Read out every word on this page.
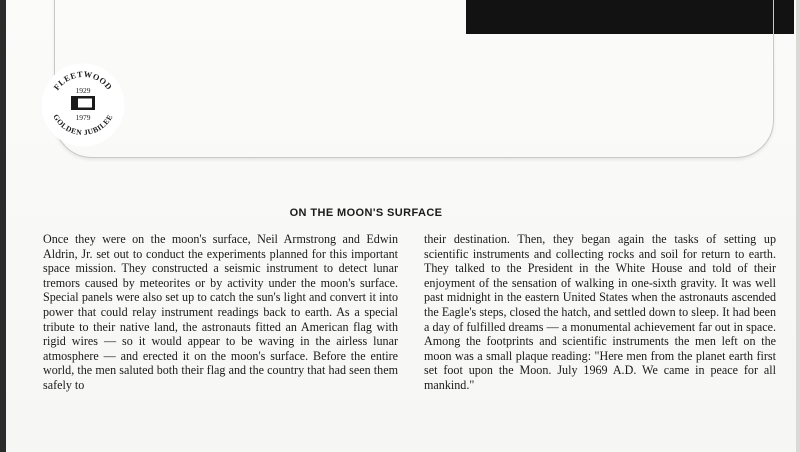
FLEETWOOD
GOLDEN JUBILEE
1929
1979
ON THE MOON'S SURFACE
Once they were on the moon's surface, Neil Armstrong and Edwin Aldrin, Jr. set out to conduct the experiments planned for this important space mission. They constructed a seismic instrument to detect lunar tremors caused by meteorites or by activity under the moon's surface. Special panels were also set up to catch the sun's light and convert it into power that could relay instrument readings back to earth. As a special tribute to their native land, the astronauts fitted an American flag with rigid wires — so it would appear to be waving in the airless lunar atmosphere — and erected it on the moon's surface. Before the entire world, the men saluted both their flag and the country that had seen them safely to
their destination. Then, they began again the tasks of setting up scientific instruments and collecting rocks and soil for return to earth. They talked to the President in the White House and told of their enjoyment of the sensation of walking in one-sixth gravity. It was well past midnight in the eastern United States when the astronauts ascended the Eagle's steps, closed the hatch, and settled down to sleep. It had been a day of fulfilled dreams — a monumental achievement far out in space. Among the footprints and scientific instruments the men left on the moon was a small plaque reading: "Here men from the planet earth first set foot upon the Moon. July 1969 A.D. We came in peace for all mankind."
